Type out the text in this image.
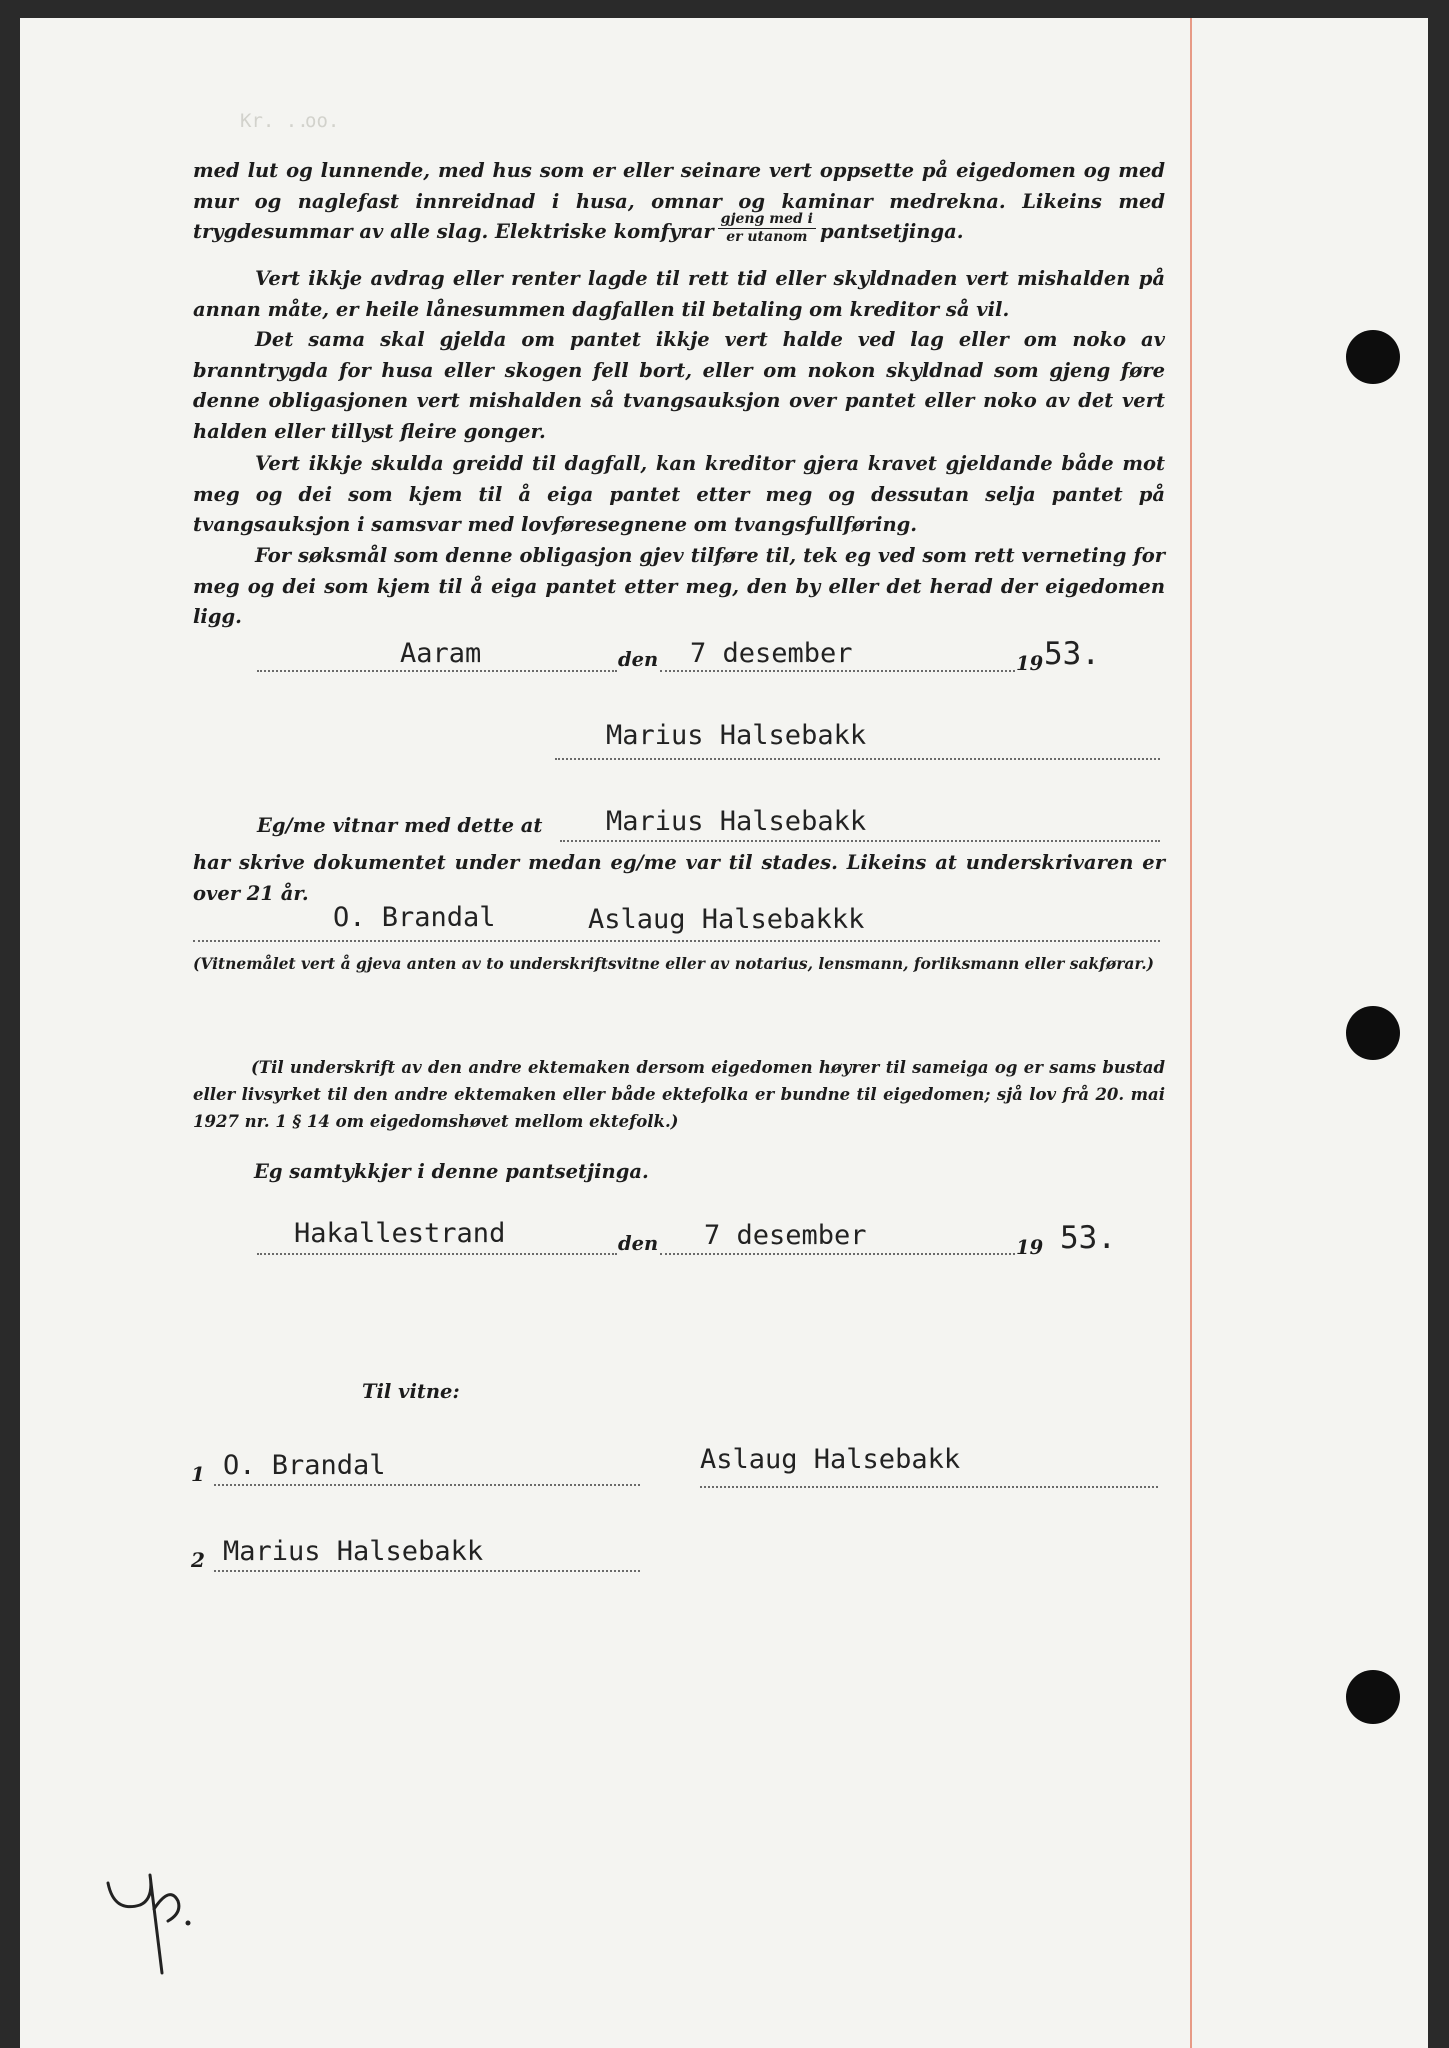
Kr. ..
oo.

med lut og lunnende, med hus som er eller seinare vert oppsette på eigedomen og med mur og naglefast innreidnad i husa, omnar og kaminar medrekna. Likeins med trygdesummar av alle slag. Elektriske komfyrar $\frac{\text{gjeng med i}}{\text{er utanom}}$ pantsetjinga.

Vert ikkje avdrag eller renter lagde til rett tid eller skyldnaden vert mishalden på annan måte, er heile lånesummen dagfallen til betaling om kreditor så vil.

Det sama skal gjelda om pantet ikkje vert halde ved lag eller om noko av branntrygda for husa eller skogen fell bort, eller om nokon skyldnad som gjeng føre denne obligasjonen vert mishalden så tvangsauksjon over pantet eller noko av det vert halden eller tillyst fleire gonger.

Vert ikkje skulda greidd til dagfall, kan kreditor gjera kravet gjeldande både mot meg og dei som kjem til å eiga pantet etter meg og dessutan selja pantet på tvangsauksjon i samsvar med lovføresegnene om tvangsfullføring.

For søksmål som denne obligasjon gjev tilføre til, tek eg ved som rett verneting for meg og dei som kjem til å eiga pantet etter meg, den by eller det herad der eigedomen ligg.

Aaram	den 7 desember	19 53.
Marius Halsebakk
Eg/me vitnar med dette at Marius Halsebakk

har skrive dokumentet under medan eg/me var til stades. Likeins at underskrivaren er over 21 år.

O. Brandal	Aslaug Halsebakkk

(Vitnemålet vert å gjeva anten av to underskriftsvitne eller av notarius, lensmann, forliksmann eller sakførar.)

(Til underskrift av den andre ektemaken dersom eigedomen høyrer til sameiga og er sams bustad eller livsyrket til den andre ektemaken eller både ektefolka er bundne til eigedomen; sjå lov frå 20. mai 1927 nr. 1 § 14 om eigedomshøvet mellom ektefolk.)

Eg samtykkjer i denne pantsetjinga.
Hakallestrand	den 7 desember	19 53.
Til vitne:
1 O. Brandal	Aslaug Halsebakk
2 Marius Halsebakk
